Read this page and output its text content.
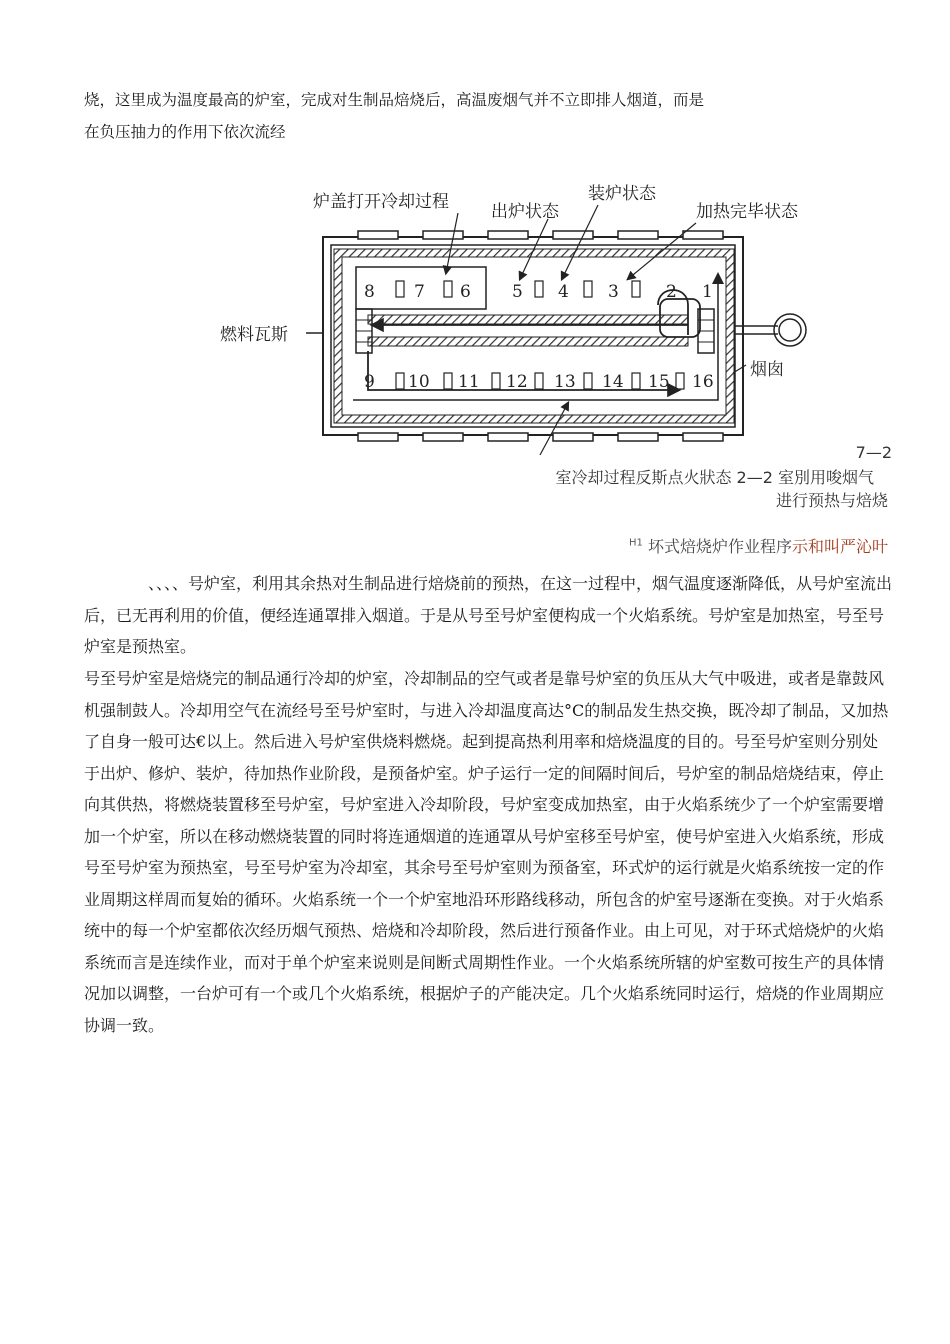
烧，这里成为温度最高的炉室，完成对生制品焙烧后，高温废烟气并不立即排人烟道，而是

在负压抽力的作用下依次流经

炉盖打开冷却过程 出炉状态
装炉状态
加热完毕状态
燃料瓦斯
烟囱
8 7 6 5 4 3	2 1
9 10 11 12 13 14 15 16

7—2

室冷却过程反斯点火狀态 2—2 室別用唆烟气

进行预热与焙烧

$^{H1}$ 坏式焙烧炉作业程序示和叫严沁叶

、、、、号炉室，利用其余热对生制品进行焙烧前的预热，在这一过程中，烟气温度逐渐降低，从号炉室流出后，已无再利用的价值，便经连通罩排入烟道。于是从号至号炉室便构成一个火焰系统。号炉室是加热室，号至号炉室是预热室。

号至号炉室是焙烧完的制品通行冷却的炉室，冷却制品的空气或者是靠号炉室的负压从大气中吸进，或者是靠鼓风机强制鼓人。冷却用空气在流经号至号炉室时，与进入冷却温度高达°C的制品发生热交换，既冷却了制品，又加热了自身一般可达€以上。然后进入号炉室供烧料燃烧。起到提高热利用率和焙烧温度的目的。号至号炉室则分别处于出炉、修炉、装炉，待加热作业阶段，是预备炉室。炉子运行一定的间隔时间后，号炉室的制品焙烧结束，停止向其供热，将燃烧装置移至号炉室，号炉室进入冷却阶段，号炉室变成加热室，由于火焰系统少了一个炉室需要增加一个炉室，所以在移动燃烧装置的同时将连通烟道的连通罩从号炉室移至号炉室，使号炉室进入火焰系统，形成号至号炉室为预热室，号至号炉室为冷却室，其余号至号炉室则为预备室，环式炉的运行就是火焰系统按一定的作业周期这样周而复始的循环。火焰系统一个一个炉室地沿环形路线移动，所包含的炉室号逐渐在变换。对于火焰系统中的每一个炉室都依次经历烟气预热、焙烧和冷却阶段，然后进行预备作业。由上可见，对于环式焙烧炉的火焰系统而言是连续作业，而对于单个炉室来说则是间断式周期性作业。一个火焰系统所辖的炉室数可按生产的具体情况加以调整，一台炉可有一个或几个火焰系统，根据炉子的产能决定。几个火焰系统同时运行，焙烧的作业周期应协调一致。
